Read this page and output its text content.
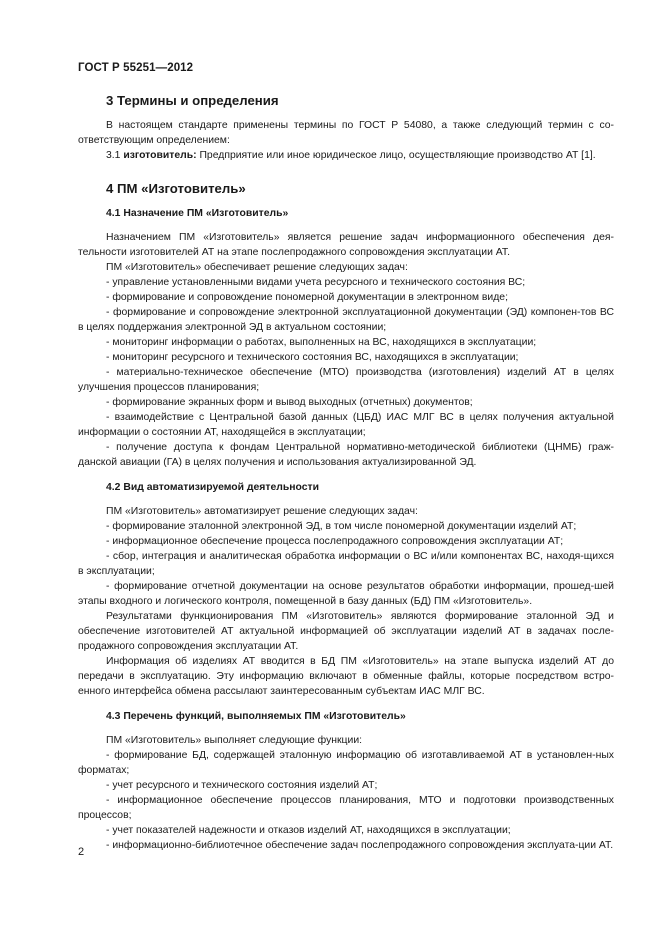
ГОСТ Р 55251—2012
3 Термины и определения

В настоящем стандарте применены термины по ГОСТ Р 54080, а также следующий термин с со-ответствующим определением:

3.1 изготовитель: Предприятие или иное юридическое лицо, осуществляющие производство АТ [1].

4 ПМ «Изготовитель»
4.1 Назначение ПМ «Изготовитель»

Назначением ПМ «Изготовитель» является решение задач информационного обеспечения дея-тельности изготовителей АТ на этапе послепродажного сопровождения эксплуатации АТ.

ПМ «Изготовитель» обеспечивает решение следующих задач:

- управление установленными видами учета ресурсного и технического состояния ВС;

- формирование и сопровождение пономерной документации в электронном виде;

- формирование и сопровождение электронной эксплуатационной документации (ЭД) компонен-тов ВС в целях поддержания электронной ЭД в актуальном состоянии;

- мониторинг информации о работах, выполненных на ВС, находящихся в эксплуатации;

- мониторинг ресурсного и технического состояния ВС, находящихся в эксплуатации;

- материально-техническое обеспечение (МТО) производства (изготовления) изделий АТ в целях улучшения процессов планирования;

- формирование экранных форм и вывод выходных (отчетных) документов;

- взаимодействие с Центральной базой данных (ЦБД) ИАС МЛГ ВС в целях получения актуальной информации о состоянии АТ, находящейся в эксплуатации;

- получение доступа к фондам Центральной нормативно-методической библиотеки (ЦНМБ) граж-данской авиации (ГА) в целях получения и использования актуализированной ЭД.

4.2 Вид автоматизируемой деятельности

ПМ «Изготовитель» автоматизирует решение следующих задач:

- формирование эталонной электронной ЭД, в том числе пономерной документации изделий АТ;

- информационное обеспечение процесса послепродажного сопровождения эксплуатации АТ;

- сбор, интеграция и аналитическая обработка информации о ВС и/или компонентах ВС, находя-щихся в эксплуатации;

- формирование отчетной документации на основе результатов обработки информации, прошед-шей этапы входного и логического контроля, помещенной в базу данных (БД) ПМ «Изготовитель».

Результатами функционирования ПМ «Изготовитель» являются формирование эталонной ЭД и обеспечение изготовителей АТ актуальной информацией об эксплуатации изделий АТ в задачах после-продажного сопровождения эксплуатации АТ.

Информация об изделиях АТ вводится в БД ПМ «Изготовитель» на этапе выпуска изделий АТ до передачи в эксплуатацию. Эту информацию включают в обменные файлы, которые посредством встро-енного интерфейса обмена рассылают заинтересованным субъектам ИАС МЛГ ВС.

4.3 Перечень функций, выполняемых ПМ «Изготовитель»

ПМ «Изготовитель» выполняет следующие функции:

- формирование БД, содержащей эталонную информацию об изготавливаемой АТ в установлен-ных форматах;

- учет ресурсного и технического состояния изделий АТ;

- информационное обеспечение процессов планирования, МТО и подготовки производственных процессов;

- учет показателей надежности и отказов изделий АТ, находящихся в эксплуатации;

- информационно-библиотечное обеспечение задач послепродажного сопровождения эксплуата-ции АТ.

2
